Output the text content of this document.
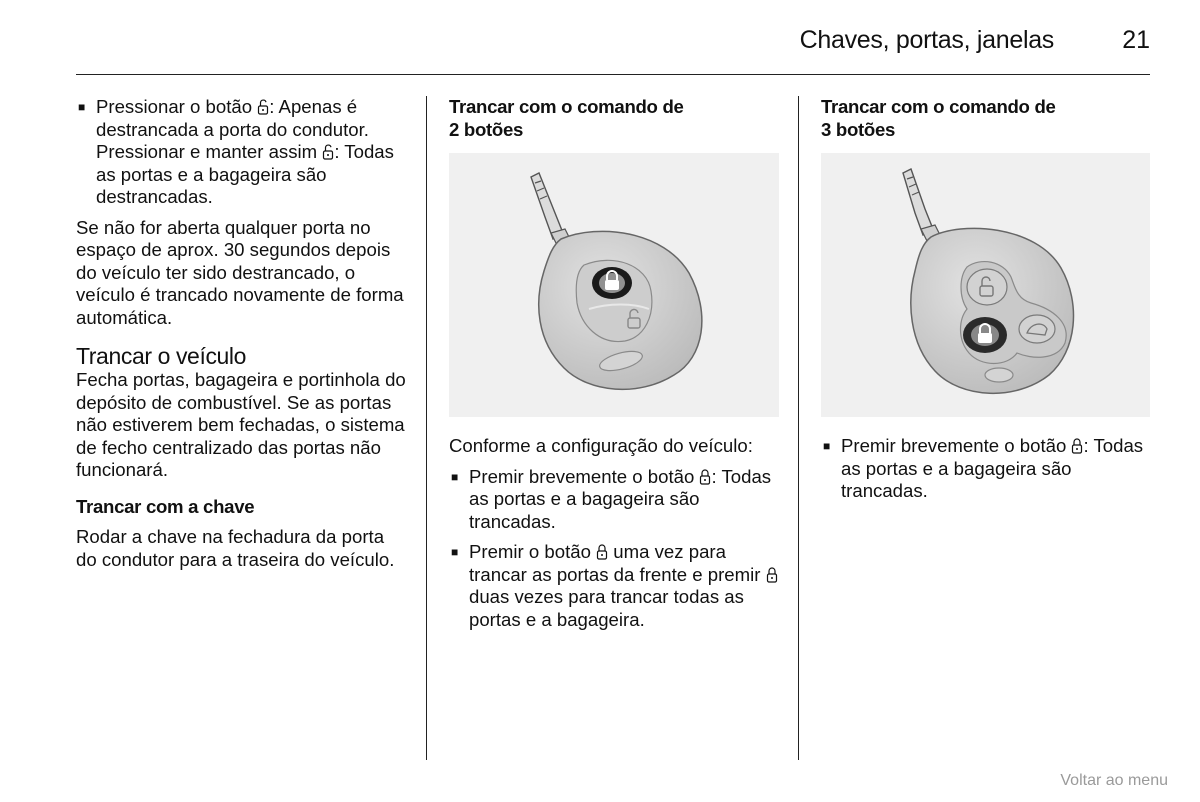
Chaves, portas, janelas	21
■ Pressionar o botão : Apenas é destrancada a porta do condutor. Pressionar e manter assim : Todas as portas e a bagageira são destrancadas.

Se não for aberta qualquer porta no espaço de aprox. 30 segundos depois do veículo ter sido destrancado, o veículo é trancado novamente de forma automática.

Trancar o veículo

Fecha portas, bagageira e portinhola do depósito de combustível. Se as portas não estiverem bem fechadas, o sistema de fecho centralizado das portas não funcionará.

Trancar com a chave

Rodar a chave na fechadura da porta do condutor para a traseira do veículo.

Trancar com o comando de
2 botões

Conforme a configuração do veículo:

■ Premir brevemente o botão : Todas as portas e a bagageira são trancadas.
■ Premir o botão uma vez para trancar as portas da frente e premir  duas vezes para trancar todas as portas e a bagageira.
Trancar com o comando de
3 botões
■ Premir brevemente o botão : Todas as portas e a bagageira são trancadas.
Voltar ao menu
